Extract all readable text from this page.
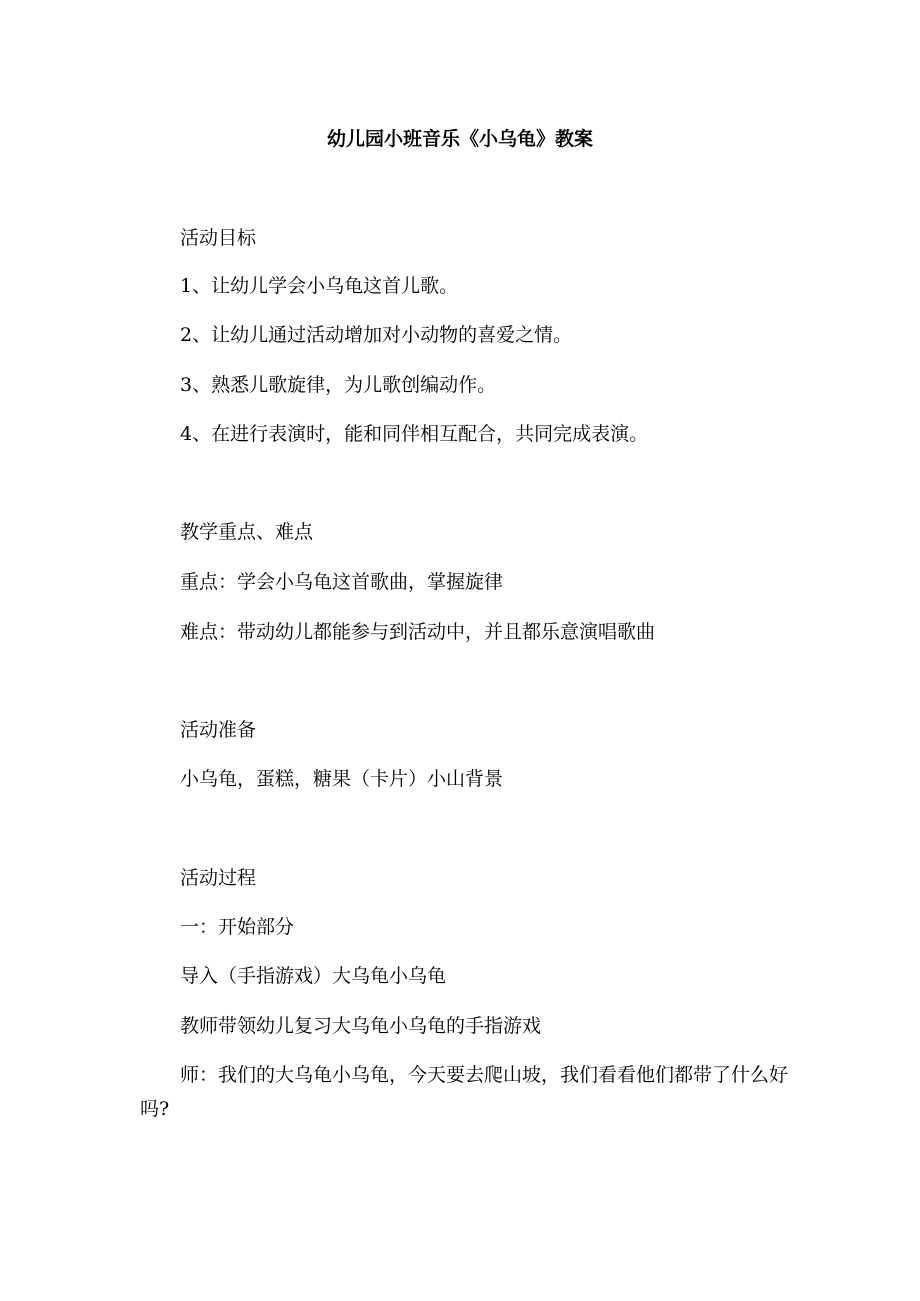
幼儿园小班音乐《小乌龟》教案
活动目标
1、让幼儿学会小乌龟这首儿歌。
2、让幼儿通过活动增加对小动物的喜爱之情。
3、熟悉儿歌旋律，为儿歌创编动作。
4、在进行表演时，能和同伴相互配合，共同完成表演。
教学重点、难点
重点：学会小乌龟这首歌曲，掌握旋律
难点：带动幼儿都能参与到活动中，并且都乐意演唱歌曲
活动准备
小乌龟，蛋糕，糖果（卡片）小山背景
活动过程
一：开始部分
导入（手指游戏）大乌龟小乌龟
教师带领幼儿复习大乌龟小乌龟的手指游戏
师：我们的大乌龟小乌龟，今天要去爬山坡，我们看看他们都带了什么好吗?
